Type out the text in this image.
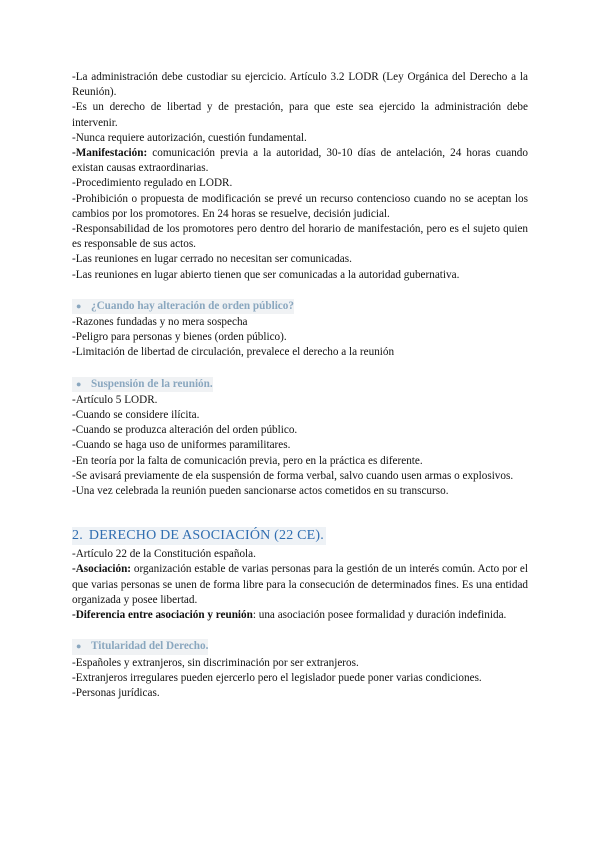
-La administración debe custodiar su ejercicio. Artículo 3.2 LODR (Ley Orgánica del Derecho a la Reunión).

-Es un derecho de libertad y de prestación, para que este sea ejercido la administración debe intervenir.

-Nunca requiere autorización, cuestión fundamental.

-Manifestación: comunicación previa a la autoridad, 30-10 días de antelación, 24 horas cuando existan causas extraordinarias.

-Procedimiento regulado en LODR.

-Prohibición o propuesta de modificación se prevé un recurso contencioso cuando no se aceptan los cambios por los promotores. En 24 horas se resuelve, decisión judicial.

-Responsabilidad de los promotores pero dentro del horario de manifestación, pero es el sujeto quien es responsable de sus actos.

-Las reuniones en lugar cerrado no necesitan ser comunicadas.

-Las reuniones en lugar abierto tienen que ser comunicadas a la autoridad gubernativa.

● ¿Cuando hay alteración de orden público?

-Razones fundadas y no mera sospecha

-Peligro para personas y bienes (orden público).

-Limitación de libertad de circulación, prevalece el derecho a la reunión

● Suspensión de la reunión.

-Artículo 5 LODR.

-Cuando se considere ilícita.

-Cuando se produzca alteración del orden público.

-Cuando se haga uso de uniformes paramilitares.

-En teoría por la falta de comunicación previa, pero en la práctica es diferente.

-Se avisará previamente de ela suspensión de forma verbal, salvo cuando usen armas o explosivos.

-Una vez celebrada la reunión pueden sancionarse actos cometidos en su transcurso.

2. DERECHO DE ASOCIACIÓN (22 CE).

-Artículo 22 de la Constitución española.

-Asociación: organización estable de varias personas para la gestión de un interés común. Acto por el que varias personas se unen de forma libre para la consecución de determinados fines. Es una entidad organizada y posee libertad.

-Diferencia entre asociación y reunión: una asociación posee formalidad y duración indefinida.

● Titularidad del Derecho.

-Españoles y extranjeros, sin discriminación por ser extranjeros.

-Extranjeros irregulares pueden ejercerlo pero el legislador puede poner varias condiciones.

-Personas jurídicas.
